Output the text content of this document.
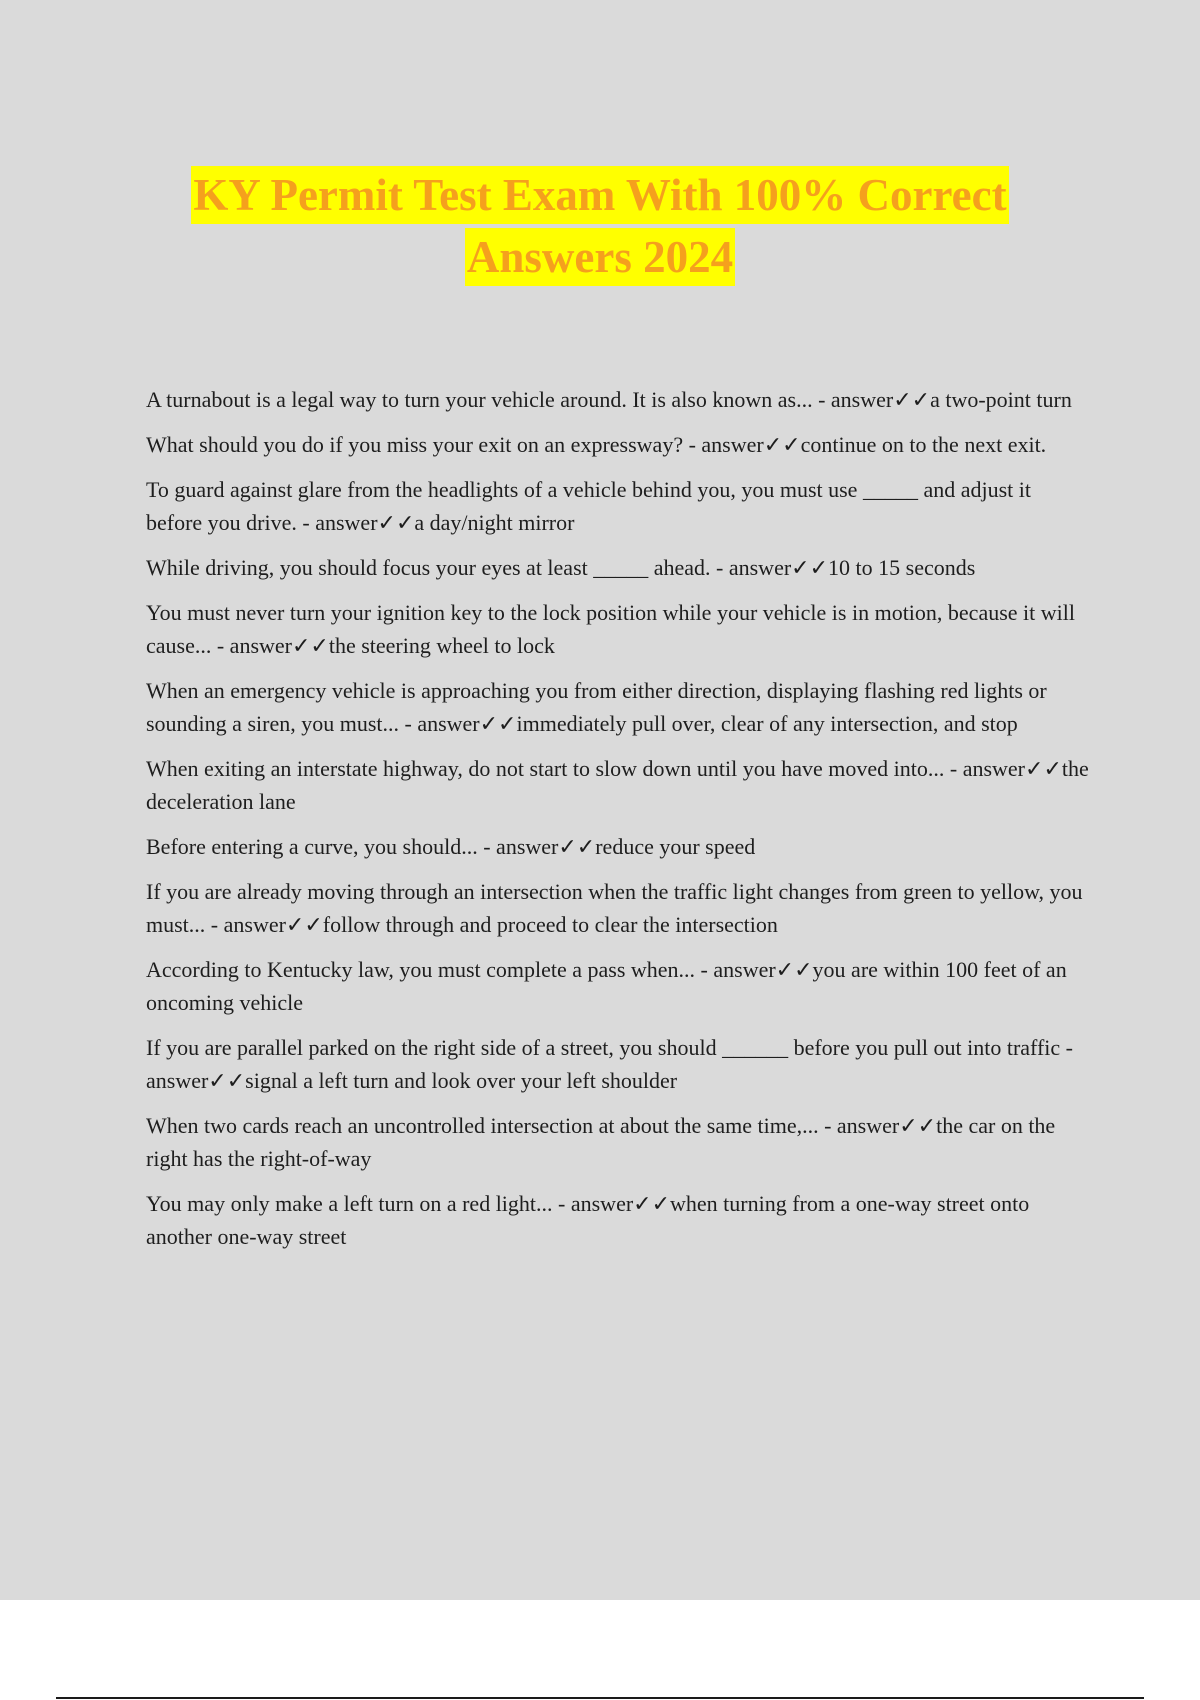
KY Permit Test Exam With 100% Correct
Answers 2024
A turnabout is a legal way to turn your vehicle around. It is also known as... - answer✓✓a two-point turn
What should you do if you miss your exit on an expressway? - answer✓✓continue on to the next exit.
To guard against glare from the headlights of a vehicle behind you, you must use _____ and adjust it before you drive. - answer✓✓a day/night mirror
While driving, you should focus your eyes at least _____ ahead. - answer✓✓10 to 15 seconds
You must never turn your ignition key to the lock position while your vehicle is in motion, because it will cause... - answer✓✓the steering wheel to lock
When an emergency vehicle is approaching you from either direction, displaying flashing red lights or sounding a siren, you must... - answer✓✓immediately pull over, clear of any intersection, and stop
When exiting an interstate highway, do not start to slow down until you have moved into... - answer✓✓the deceleration lane
Before entering a curve, you should... - answer✓✓reduce your speed
If you are already moving through an intersection when the traffic light changes from green to yellow, you must... - answer✓✓follow through and proceed to clear the intersection
According to Kentucky law, you must complete a pass when... - answer✓✓you are within 100 feet of an oncoming vehicle
If you are parallel parked on the right side of a street, you should ______ before you pull out into traffic - answer✓✓signal a left turn and look over your left shoulder
When two cards reach an uncontrolled intersection at about the same time,... - answer✓✓the car on the right has the right-of-way
You may only make a left turn on a red light... - answer✓✓when turning from a one-way street onto another one-way street
